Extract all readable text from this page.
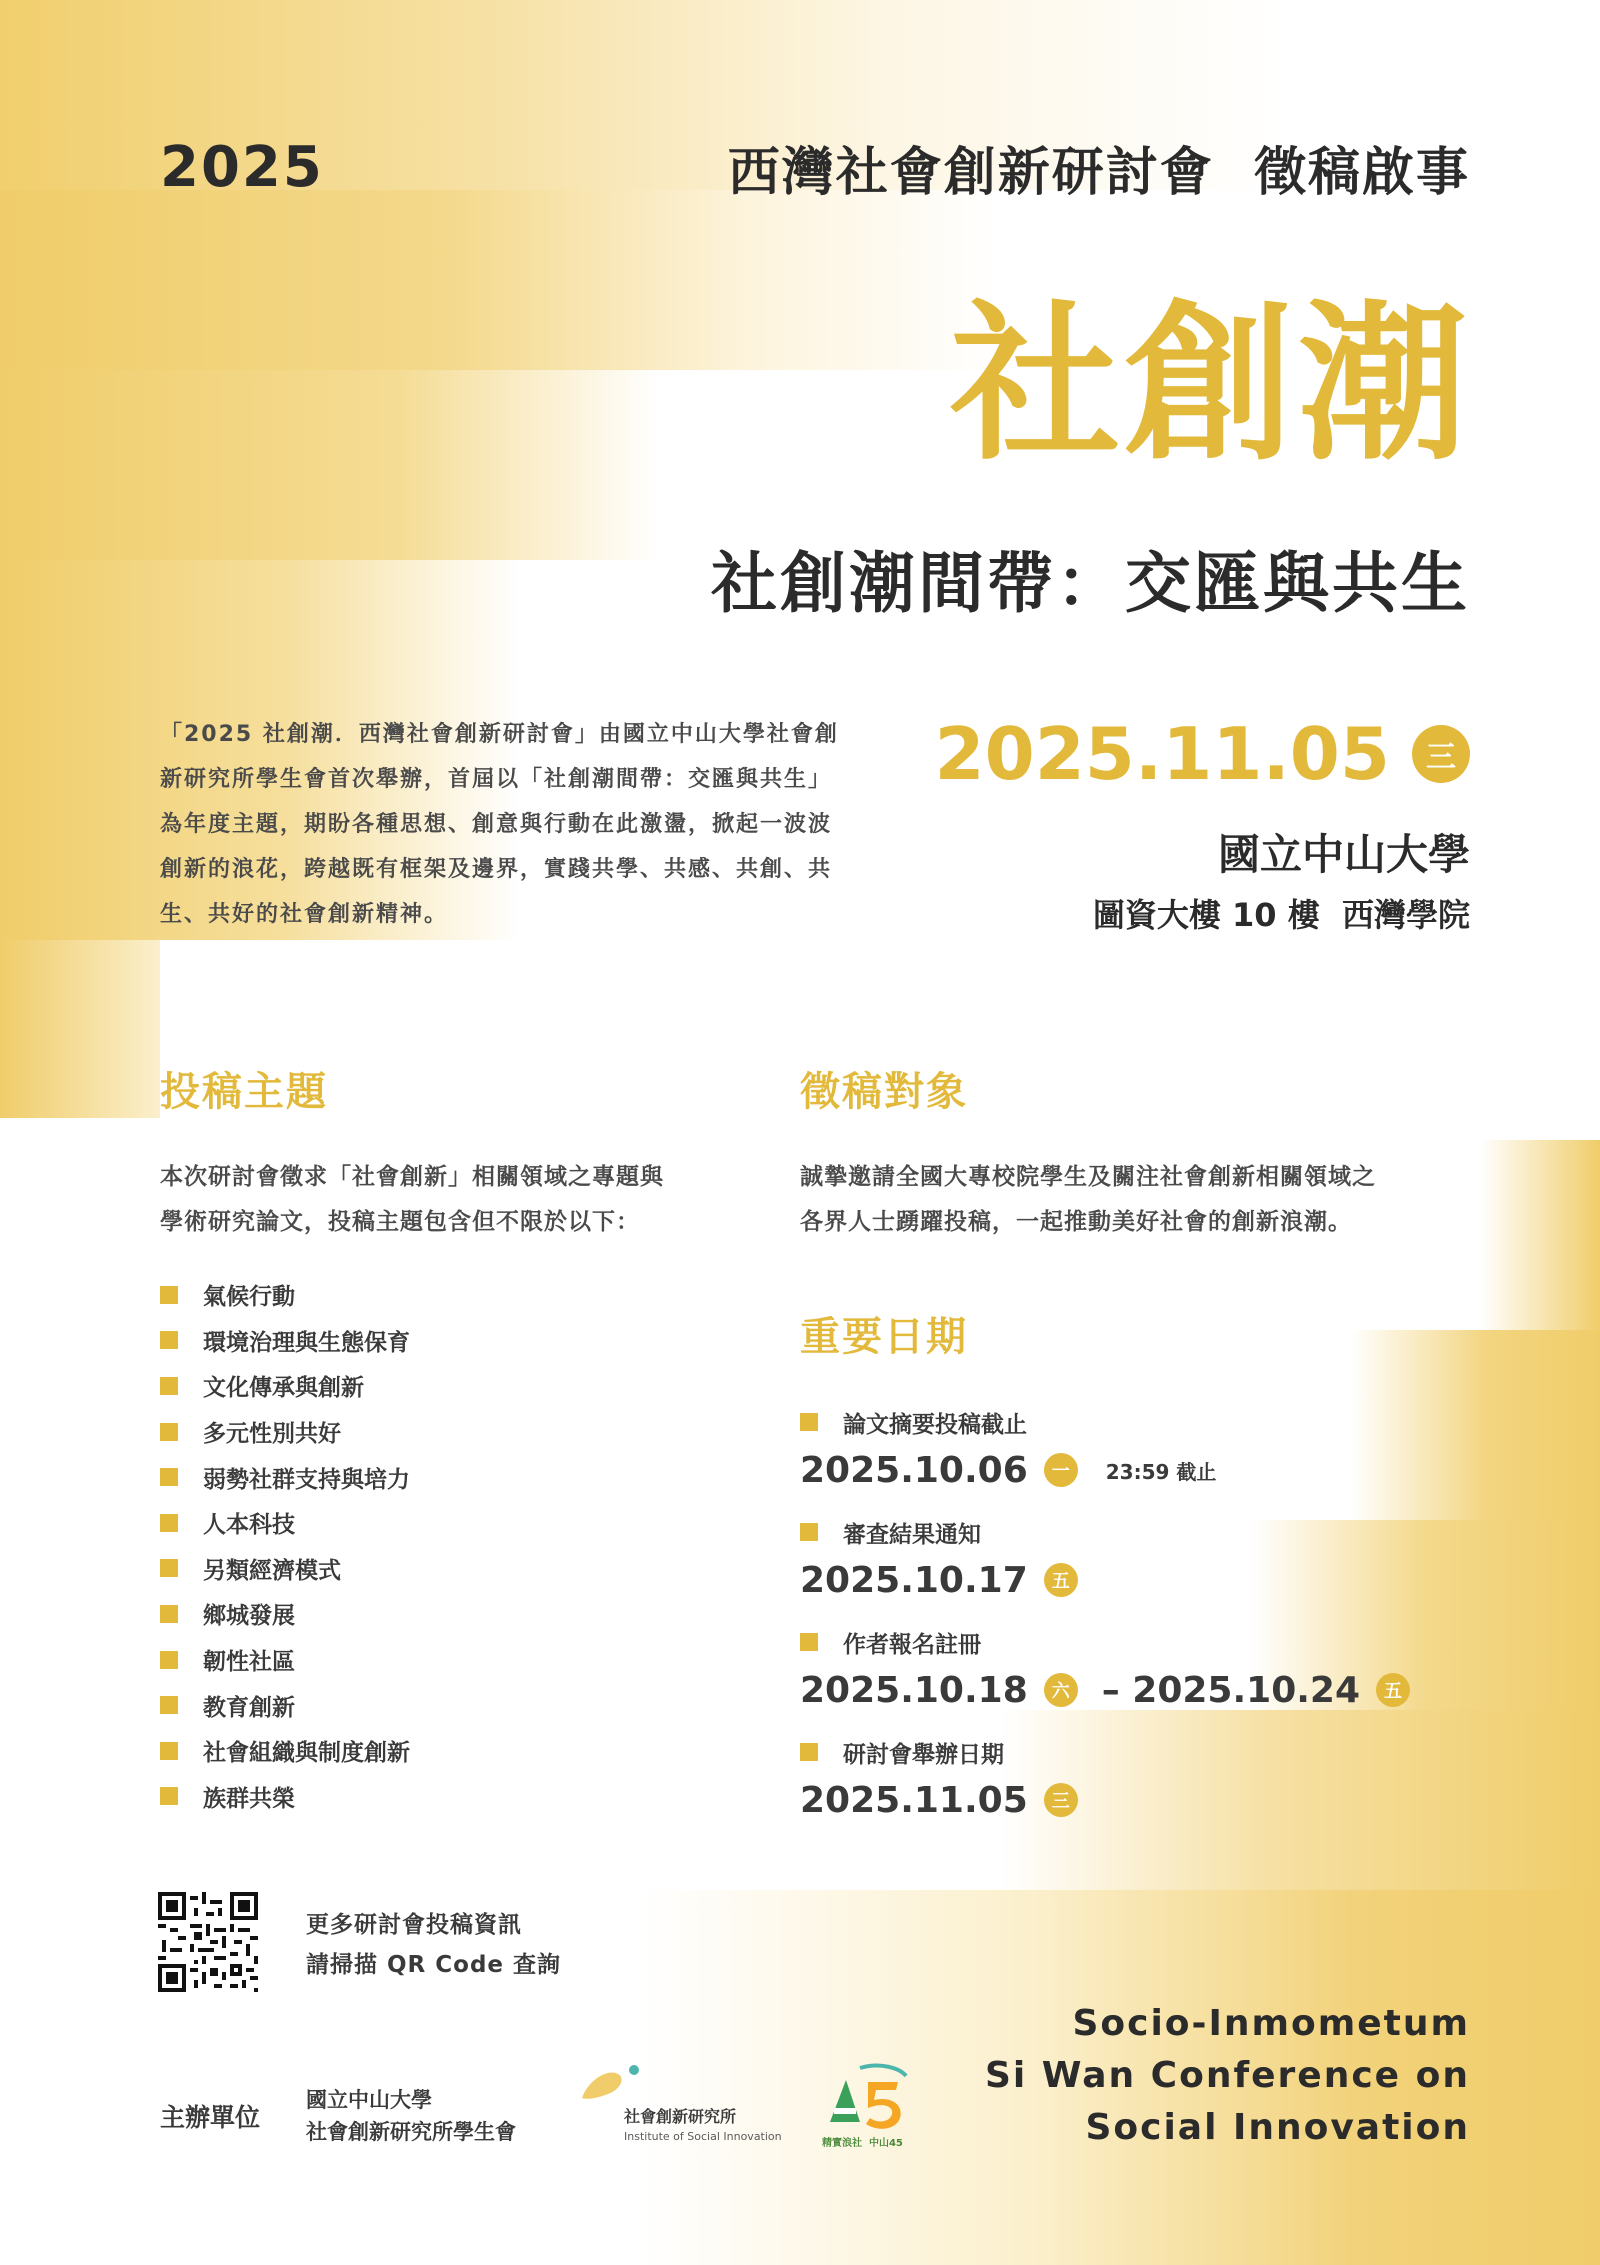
2025	西灣社會創新研討會  徵稿啟事
社創潮
社創潮間帶：交匯與共生
「2025 社創潮．西灣社會創新研討會」由國立中山大學社會創新研究所學生會首次舉辦，首屆以「社創潮間帶：交匯與共生」為年度主題，期盼各種思想、創意與行動在此激盪，掀起一波波創新的浪花，跨越既有框架及邊界，實踐共學、共感、共創、共生、共好的社會創新精神。
2025.11.05	三
國立中山大學
圖資大樓 10 樓  西灣學院
投稿主題
本次研討會徵求「社會創新」相關領域之專題與
學術研究論文，投稿主題包含但不限於以下：
氣候行動
環境治理與生態保育
文化傳承與創新
多元性別共好
弱勢社群支持與培力
人本科技
另類經濟模式
鄉城發展
韌性社區
教育創新
社會組織與制度創新
族群共榮
徵稿對象
誠摯邀請全國大專校院學生及關注社會創新相關領域之
各界人士踴躍投稿，一起推動美好社會的創新浪潮。
重要日期
論文摘要投稿截止
2025.10.06	一	23:59 截止
審查結果通知
2025.10.17	五
作者報名註冊
2025.10.18	六 – 2025.10.24	五
研討會舉辦日期
2025.11.05	三
更多研討會投稿資訊
請掃描 QR Code 查詢
Socio-Inmometum
Si Wan Conference on
Social Innovation
主辦單位
國立中山大學
社會創新研究所學生會
社會創新研究所
Institute of Social Innovation
精實浪社  中山45
